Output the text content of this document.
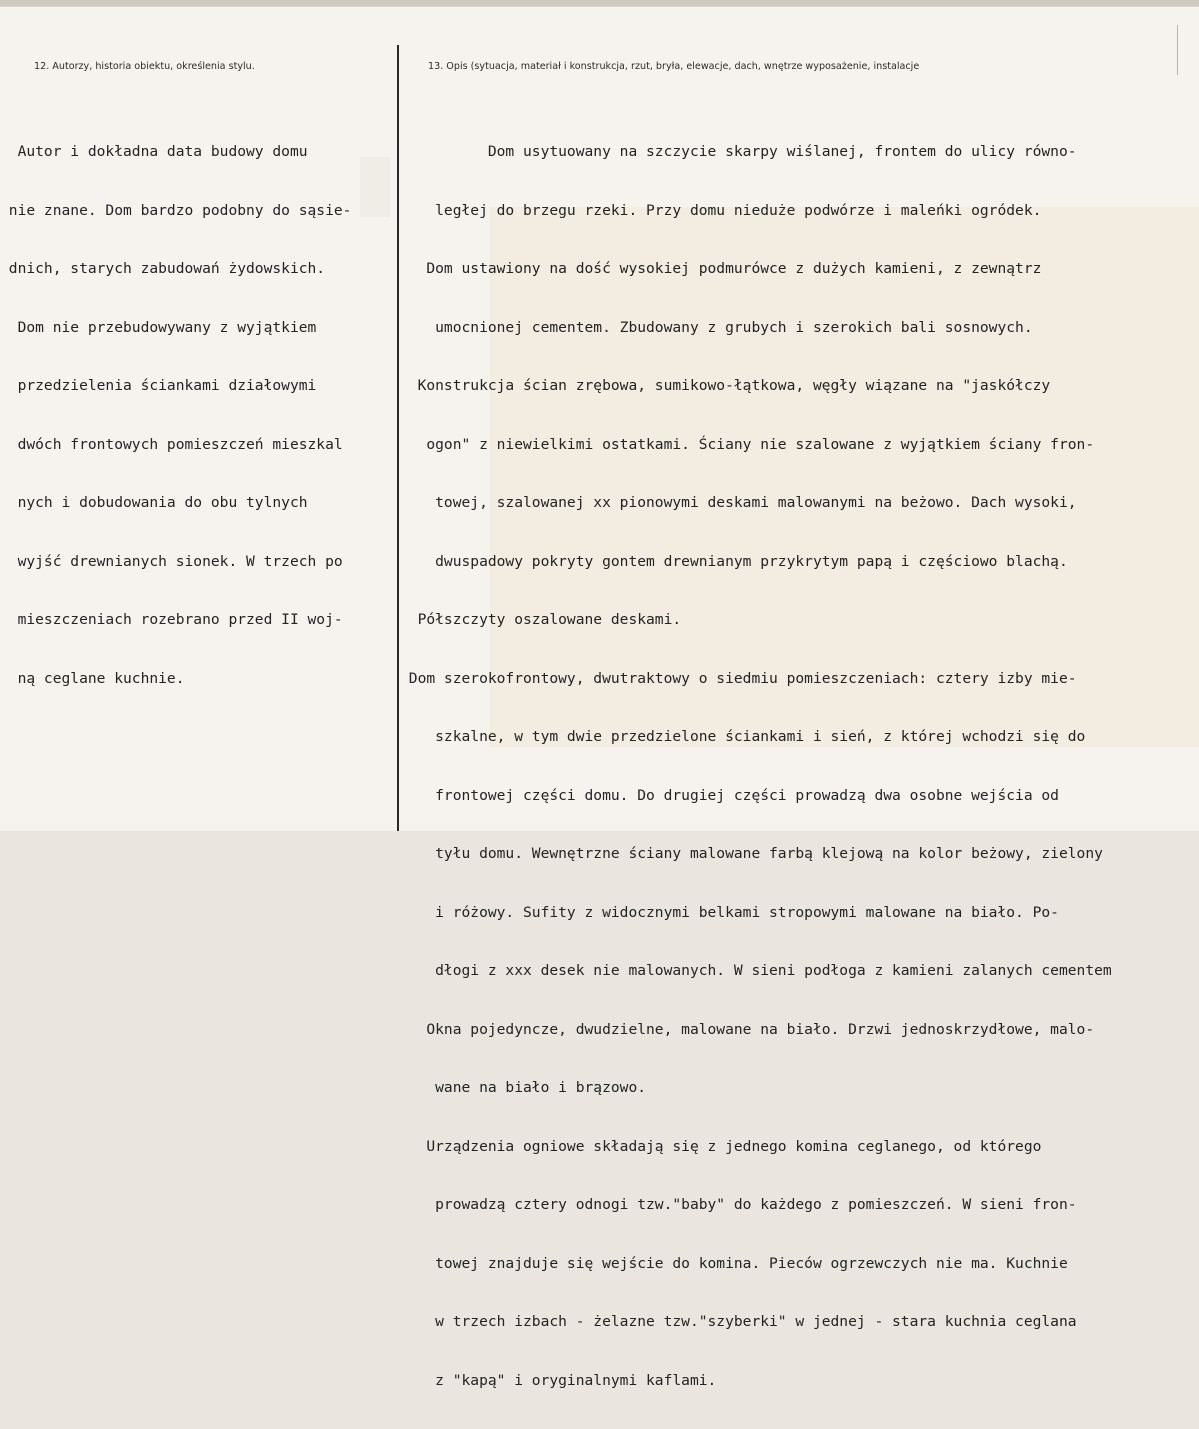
12. Autorzy, historia obiektu, określenia stylu.

Autor i dokładna data budowy domu

nie znane. Dom bardzo podobny do sąsie-

dnich, starych zabudowań żydowskich.

Dom nie przebudowywany z wyjątkiem

przedzielenia ściankami działowymi

dwóch frontowych pomieszczeń mieszkal

nych i dobudowania do obu tylnych

wyjść drewnianych sionek. W trzech po

mieszczeniach rozebrano przed II woj-

ną ceglane kuchnie.

13. Opis (sytuacja, materiał i konstrukcja, rzut, bryła, elewacje, dach, wnętrze wyposażenie, instalacje

Dom usytuowany na szczycie skarpy wiślanej, frontem do ulicy równo-

ległej do brzegu rzeki. Przy domu nieduże podwórze i maleńki ogródek.

Dom ustawiony na dość wysokiej podmurówce z dużych kamieni, z zewnątrz

umocnionej cementem. Zbudowany z grubych i szerokich bali sosnowych.

Konstrukcja ścian zrębowa, sumikowo-łątkowa, węgły wiązane na "jaskółczy

ogon" z niewielkimi ostatkami. Ściany nie szalowane z wyjątkiem ściany fron-

towej, szalowanej xx pionowymi deskami malowanymi na beżowo. Dach wysoki,

dwuspadowy pokryty gontem drewnianym przykrytym papą i częściowo blachą.

Półszczyty oszalowane deskami.

Dom szerokofrontowy, dwutraktowy o siedmiu pomieszczeniach: cztery izby mie-

szkalne, w tym dwie przedzielone ściankami i sień, z której wchodzi się do

frontowej części domu. Do drugiej części prowadzą dwa osobne wejścia od

tyłu domu. Wewnętrzne ściany malowane farbą klejową na kolor beżowy, zielony

i różowy. Sufity z widocznymi belkami stropowymi malowane na biało. Po-

dłogi z xxx desek nie malowanych. W sieni podłoga z kamieni zalanych cementem

Okna pojedyncze, dwudzielne, malowane na biało. Drzwi jednoskrzydłowe, malo-

wane na biało i brązowo.

Urządzenia ogniowe składają się z jednego komina ceglanego, od którego

prowadzą cztery odnogi tzw."baby" do każdego z pomieszczeń. W sieni fron-

towej znajduje się wejście do komina. Pieców ogrzewczych nie ma. Kuchnie

w trzech izbach - żelazne tzw."szyberki" w jednej - stara kuchnia ceglana

z "kapą" i oryginalnymi kaflami.
